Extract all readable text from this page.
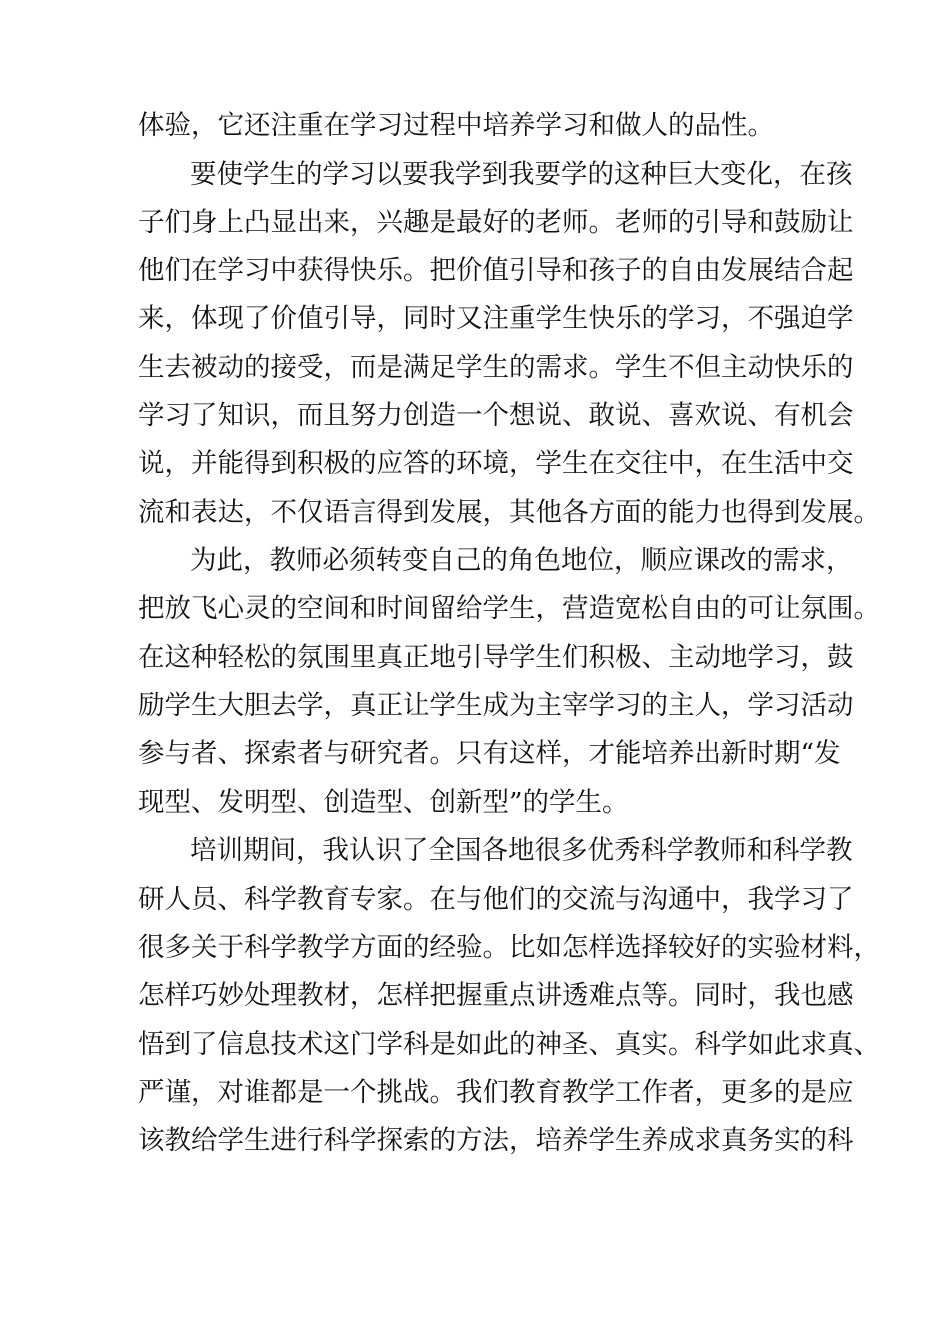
体验，它还注重在学习过程中培养学习和做人的品性。
要使学生的学习以要我学到我要学的这种巨大变化，在孩
子们身上凸显出来，兴趣是最好的老师。老师的引导和鼓励让
他们在学习中获得快乐。把价值引导和孩子的自由发展结合起
来，体现了价值引导，同时又注重学生快乐的学习，不强迫学
生去被动的接受，而是满足学生的需求。学生不但主动快乐的
学习了知识，而且努力创造一个想说、敢说、喜欢说、有机会
说，并能得到积极的应答的环境，学生在交往中，在生活中交
流和表达，不仅语言得到发展，其他各方面的能力也得到发展。
为此，教师必须转变自己的角色地位，顺应课改的需求，
把放飞心灵的空间和时间留给学生，营造宽松自由的可让氛围。
在这种轻松的氛围里真正地引导学生们积极、主动地学习，鼓
励学生大胆去学，真正让学生成为主宰学习的主人，学习活动
参与者、探索者与研究者。只有这样，才能培养出新时期“发
现型、发明型、创造型、创新型”的学生。
培训期间，我认识了全国各地很多优秀科学教师和科学教
研人员、科学教育专家。在与他们的交流与沟通中，我学习了
很多关于科学教学方面的经验。比如怎样选择较好的实验材料，
怎样巧妙处理教材，怎样把握重点讲透难点等。同时，我也感
悟到了信息技术这门学科是如此的神圣、真实。科学如此求真、
严谨，对谁都是一个挑战。我们教育教学工作者，更多的是应
该教给学生进行科学探索的方法，培养学生养成求真务实的科
